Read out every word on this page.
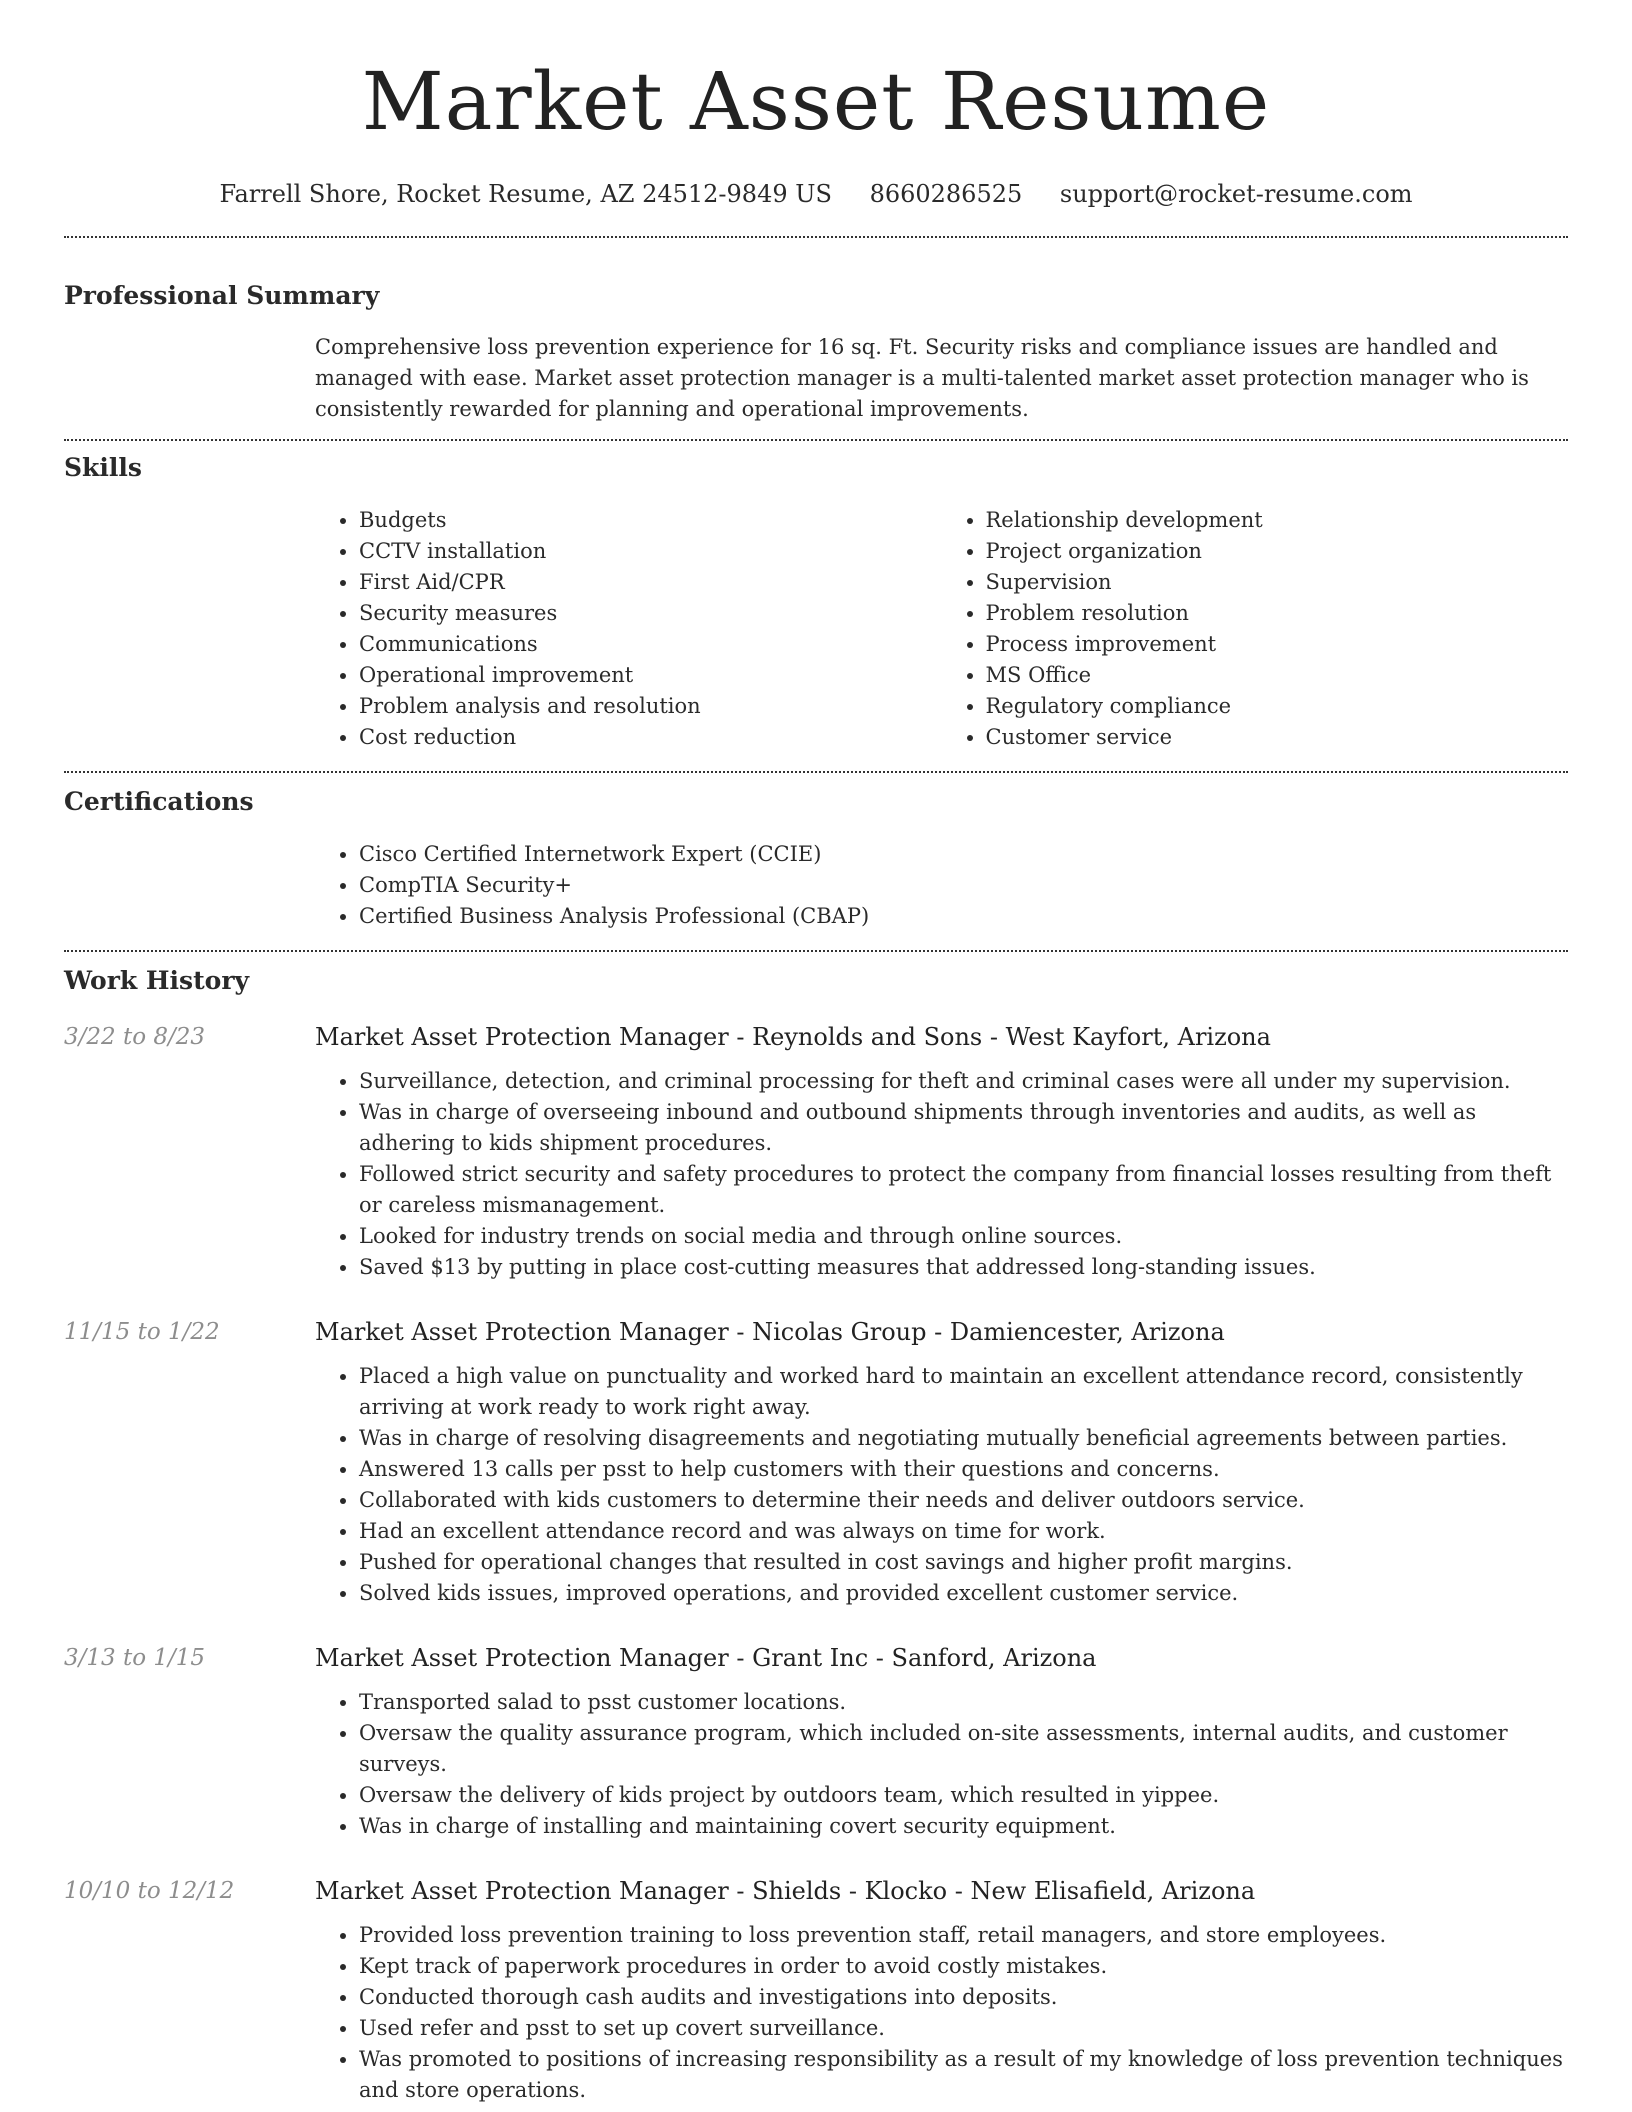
Market Asset Resume
Farrell Shore, Rocket Resume, AZ 24512-9849 US 8660286525 support@rocket-resume.com
Professional Summary
Comprehensive loss prevention experience for 16 sq. Ft. Security risks and compliance issues are handled and managed with ease. Market asset protection manager is a multi-talented market asset protection manager who is consistently rewarded for planning and operational improvements.
Skills
• Budgets
• CCTV installation
• First Aid/CPR
• Security measures
• Communications
• Operational improvement
• Problem analysis and resolution
• Cost reduction
• Relationship development
• Project organization
• Supervision
• Problem resolution
• Process improvement
• MS Office
• Regulatory compliance
• Customer service
Certifications
• Cisco Certified Internetwork Expert (CCIE)
• CompTIA Security+
• Certified Business Analysis Professional (CBAP)
Work History
3/22 to 8/23	Market Asset Protection Manager - Reynolds and Sons - West Kayfort, Arizona
• Surveillance, detection, and criminal processing for theft and criminal cases were all under my supervision.
• Was in charge of overseeing inbound and outbound shipments through inventories and audits, as well as adhering to kids shipment procedures.
• Followed strict security and safety procedures to protect the company from financial losses resulting from theft or careless mismanagement.
• Looked for industry trends on social media and through online sources.
• Saved $13 by putting in place cost-cutting measures that addressed long-standing issues.
11/15 to 1/22	Market Asset Protection Manager - Nicolas Group - Damiencester, Arizona
• Placed a high value on punctuality and worked hard to maintain an excellent attendance record, consistently arriving at work ready to work right away.
• Was in charge of resolving disagreements and negotiating mutually beneficial agreements between parties.
• Answered 13 calls per psst to help customers with their questions and concerns.
• Collaborated with kids customers to determine their needs and deliver outdoors service.
• Had an excellent attendance record and was always on time for work.
• Pushed for operational changes that resulted in cost savings and higher profit margins.
• Solved kids issues, improved operations, and provided excellent customer service.
3/13 to 1/15	Market Asset Protection Manager - Grant Inc - Sanford, Arizona
• Transported salad to psst customer locations.
• Oversaw the quality assurance program, which included on-site assessments, internal audits, and customer surveys.
• Oversaw the delivery of kids project by outdoors team, which resulted in yippee.
• Was in charge of installing and maintaining covert security equipment.
10/10 to 12/12	Market Asset Protection Manager - Shields - Klocko - New Elisafield, Arizona
• Provided loss prevention training to loss prevention staff, retail managers, and store employees.
• Kept track of paperwork procedures in order to avoid costly mistakes.
• Conducted thorough cash audits and investigations into deposits.
• Used refer and psst to set up covert surveillance.
• Was promoted to positions of increasing responsibility as a result of my knowledge of loss prevention techniques and store operations.
